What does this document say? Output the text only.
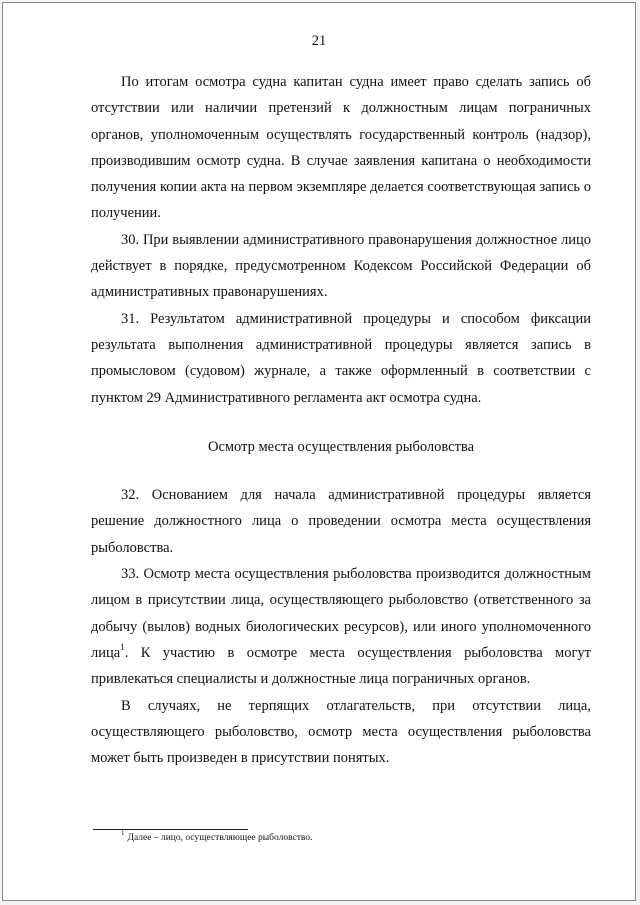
21

По итогам осмотра судна капитан судна имеет право сделать запись об отсутствии или наличии претензий к должностным лицам пограничных органов, уполномоченным осуществлять государственный контроль (надзор), производившим осмотр судна. В случае заявления капитана о необходимости получения копии акта на первом экземпляре делается соответствующая запись о получении.

30. При выявлении административного правонарушения должностное лицо действует в порядке, предусмотренном Кодексом Российской Федерации об административных правонарушениях.

31. Результатом административной процедуры и способом фиксации результата выполнения административной процедуры является запись в промысловом (судовом) журнале, а также оформленный в соответствии с пунктом 29 Административного регламента акт осмотра судна.

Осмотр места осуществления рыболовства

32. Основанием для начала административной процедуры является решение должностного лица о проведении осмотра места осуществления рыболовства.

33. Осмотр места осуществления рыболовства производится должностным лицом в присутствии лица, осуществляющего рыболовство (ответственного за добычу (вылов) водных биологических ресурсов), или иного уполномоченного лица$^1$. К участию в осмотре места осуществления рыболовства могут привлекаться специалисты и должностные лица пограничных органов.

В случаях, не терпящих отлагательств, при отсутствии лица, осуществляющего рыболовство, осмотр места осуществления рыболовства может быть произведен в присутствии понятых.

$^1$Далее – лицо, осуществляющее рыболовство.
